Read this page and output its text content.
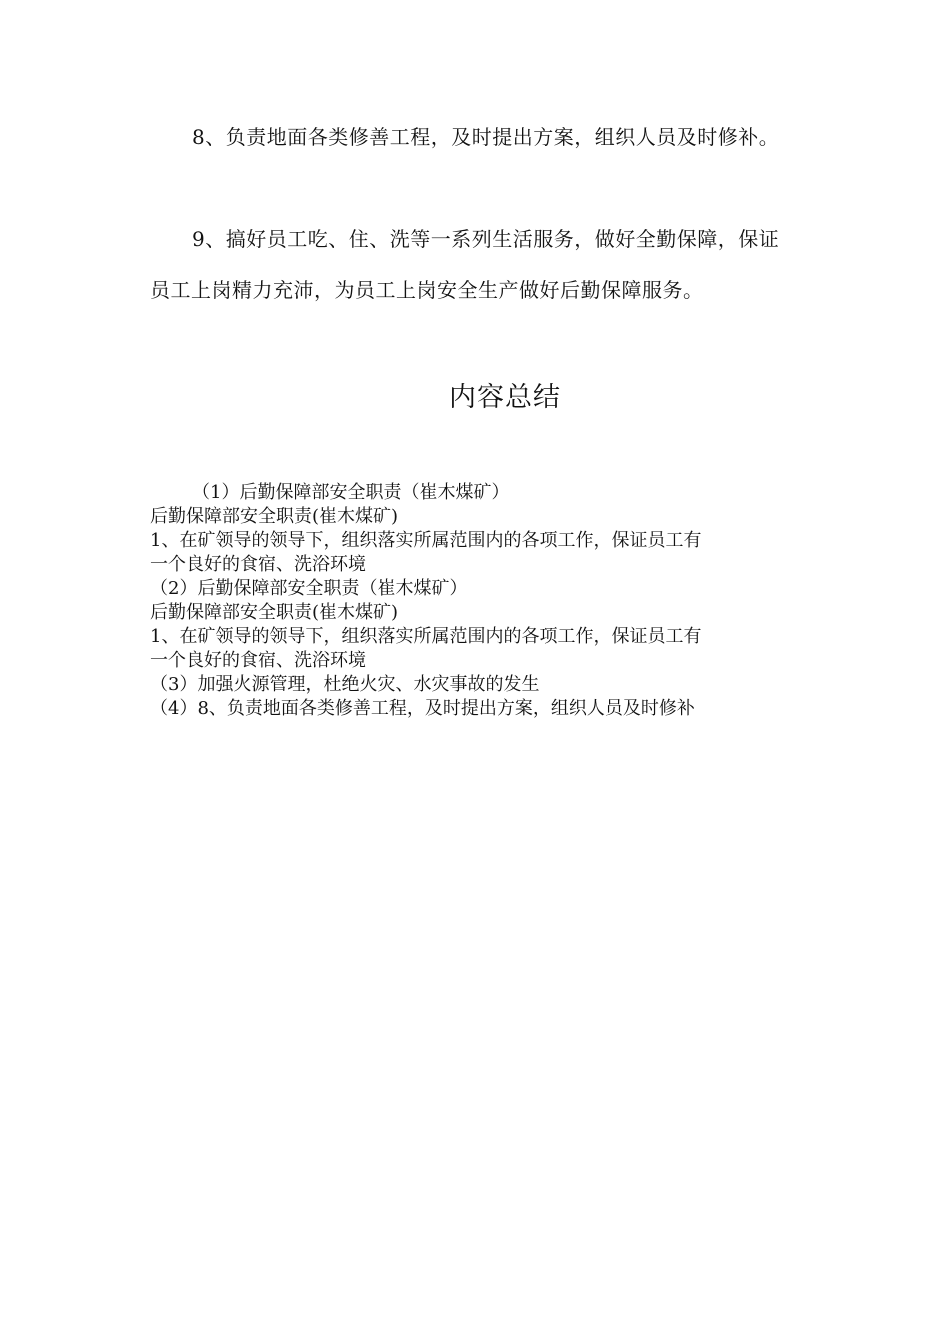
8、负责地面各类修善工程，及时提出方案，组织人员及时修补。

9、搞好员工吃、住、洗等一系列生活服务，做好全勤保障，保证员工上岗精力充沛，为员工上岗安全生产做好后勤保障服务。

内容总结
（1）后勤保障部安全职责（崔木煤矿）
后勤保障部安全职责(崔木煤矿)
1、在矿领导的领导下，组织落实所属范围内的各项工作，保证员工有
一个良好的食宿、洗浴环境
（2）后勤保障部安全职责（崔木煤矿）
后勤保障部安全职责(崔木煤矿)
1、在矿领导的领导下，组织落实所属范围内的各项工作，保证员工有
一个良好的食宿、洗浴环境
（3）加强火源管理，杜绝火灾、水灾事故的发生
（4）8、负责地面各类修善工程，及时提出方案，组织人员及时修补
